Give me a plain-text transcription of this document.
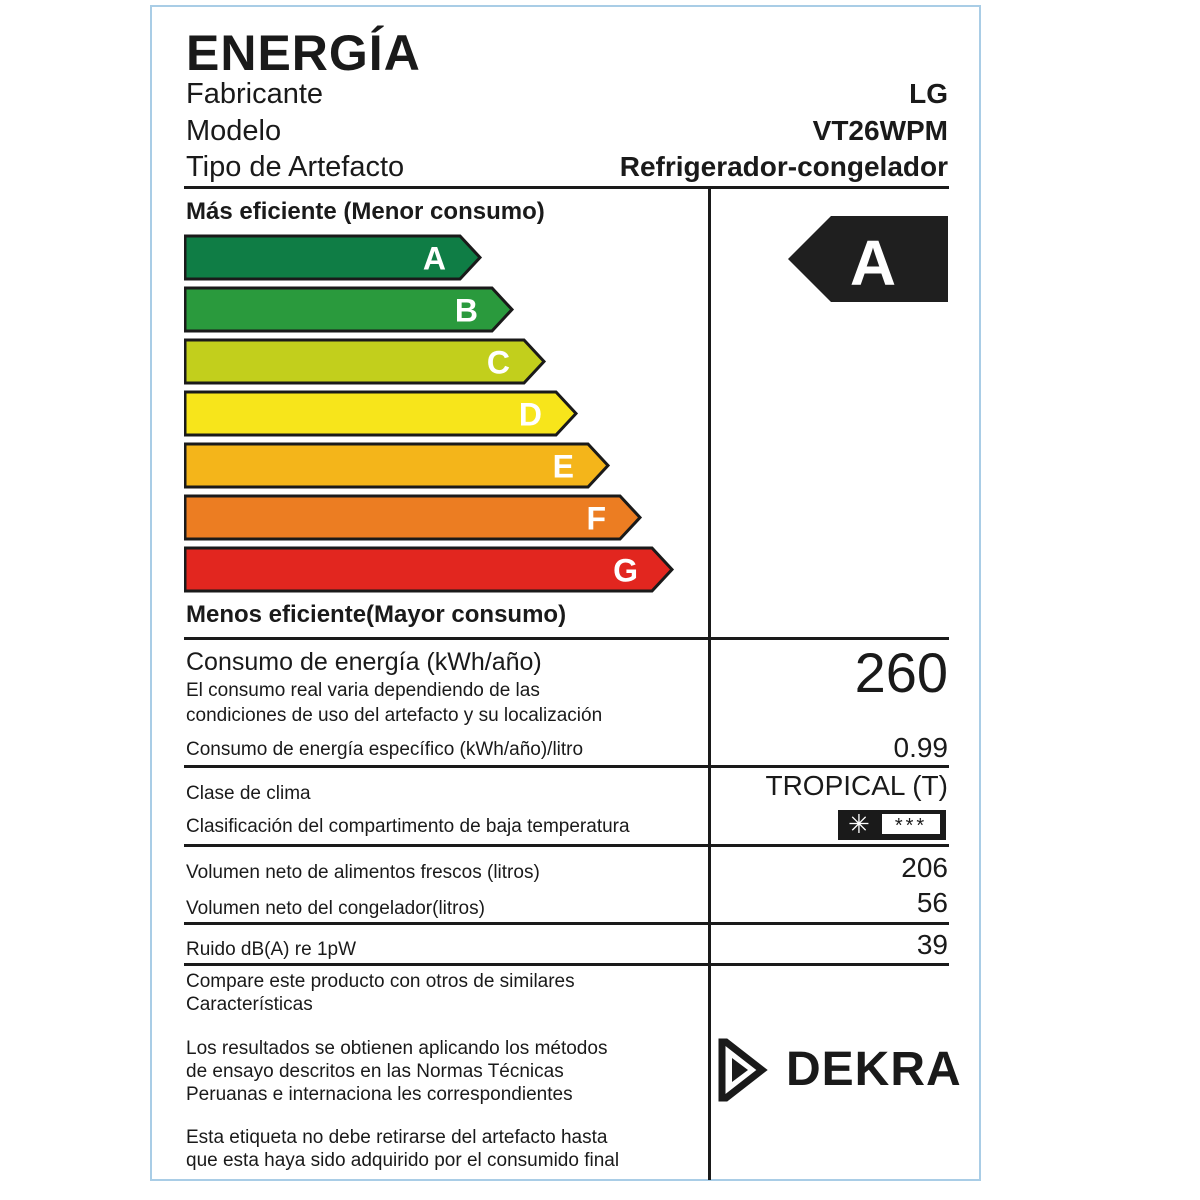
ENERGÍA
Fabricante	LG
Modelo	VT26WPM
Tipo de Artefacto	Refrigerador-congelador
Más eficiente (Menor consumo)
A
B
C
D
E
F
G
Menos eficiente(Mayor consumo)
A
Consumo de energía (kWh/año)
El consumo real varia dependiendo de las
condiciones de uso del artefacto y su localización
260
Consumo de energía específico (kWh/año)/litro	0.99
Clase de clima	TROPICAL (T)
Clasificación del compartimento de baja temperatura	✳	***
Volumen neto de alimentos frescos (litros)	206
Volumen neto del congelador(litros)	56
Ruido dB(A) re 1pW	39
Compare este producto con otros de similares
Características
Los resultados se obtienen aplicando los métodos
de ensayo descritos en las Normas Técnicas
Peruanas e internaciona les correspondientes
Esta etiqueta no debe retirarse del artefacto hasta
que esta haya sido adquirido por el consumido final
DEKRA
